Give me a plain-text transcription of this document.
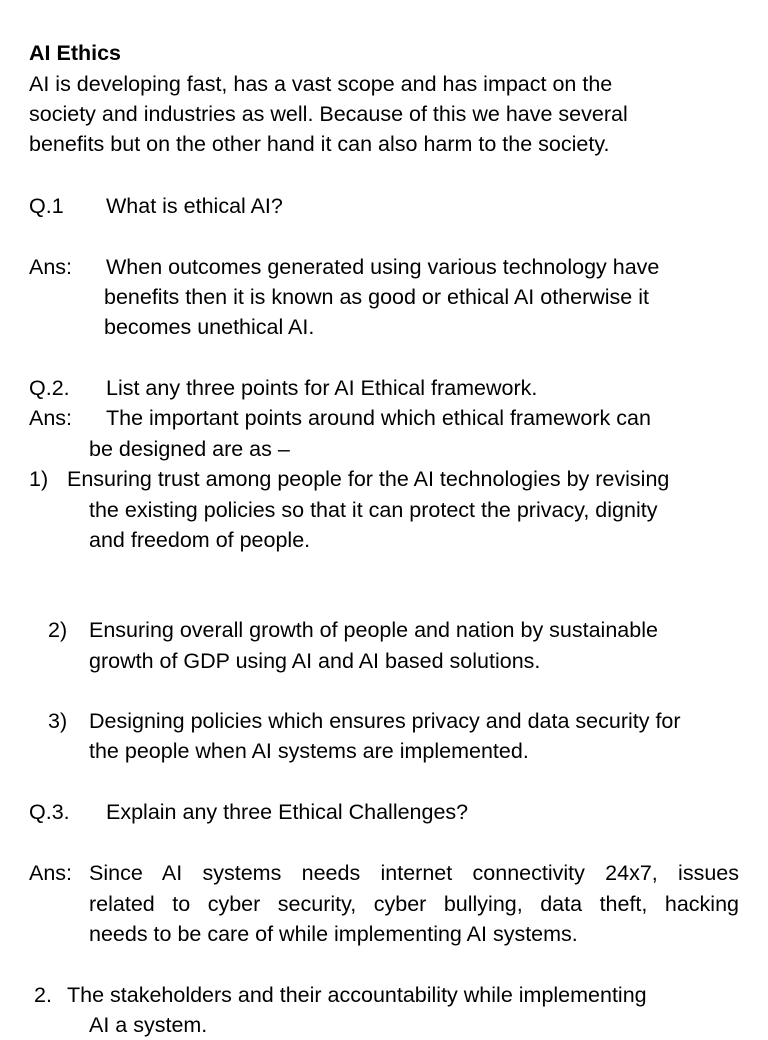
AI Ethics
AI is developing fast, has a vast scope and has impact on the
society and industries as well. Because of this we have several
benefits but on the other hand it can also harm to the society.
Q.1 What is ethical AI?
Ans: When outcomes generated using various technology have
benefits then it is known as good or ethical AI otherwise it
becomes unethical AI.
Q.2. List any three points for AI Ethical framework.
Ans: The important points around which ethical framework can
be designed are as –
1) Ensuring trust among people for the AI technologies by revising
the existing policies so that it can protect the privacy, dignity
and freedom of people.
2) Ensuring overall growth of people and nation by sustainable
growth of GDP using AI and AI based solutions.
3) Designing policies which ensures privacy and data security for
the people when AI systems are implemented.
Q.3. Explain any three Ethical Challenges?
Ans: Since AI systems needs internet connectivity 24x7, issues
related to cyber security, cyber bullying, data theft, hacking
needs to be care of while implementing AI systems.
2. The stakeholders and their accountability while implementing
AI a system.
